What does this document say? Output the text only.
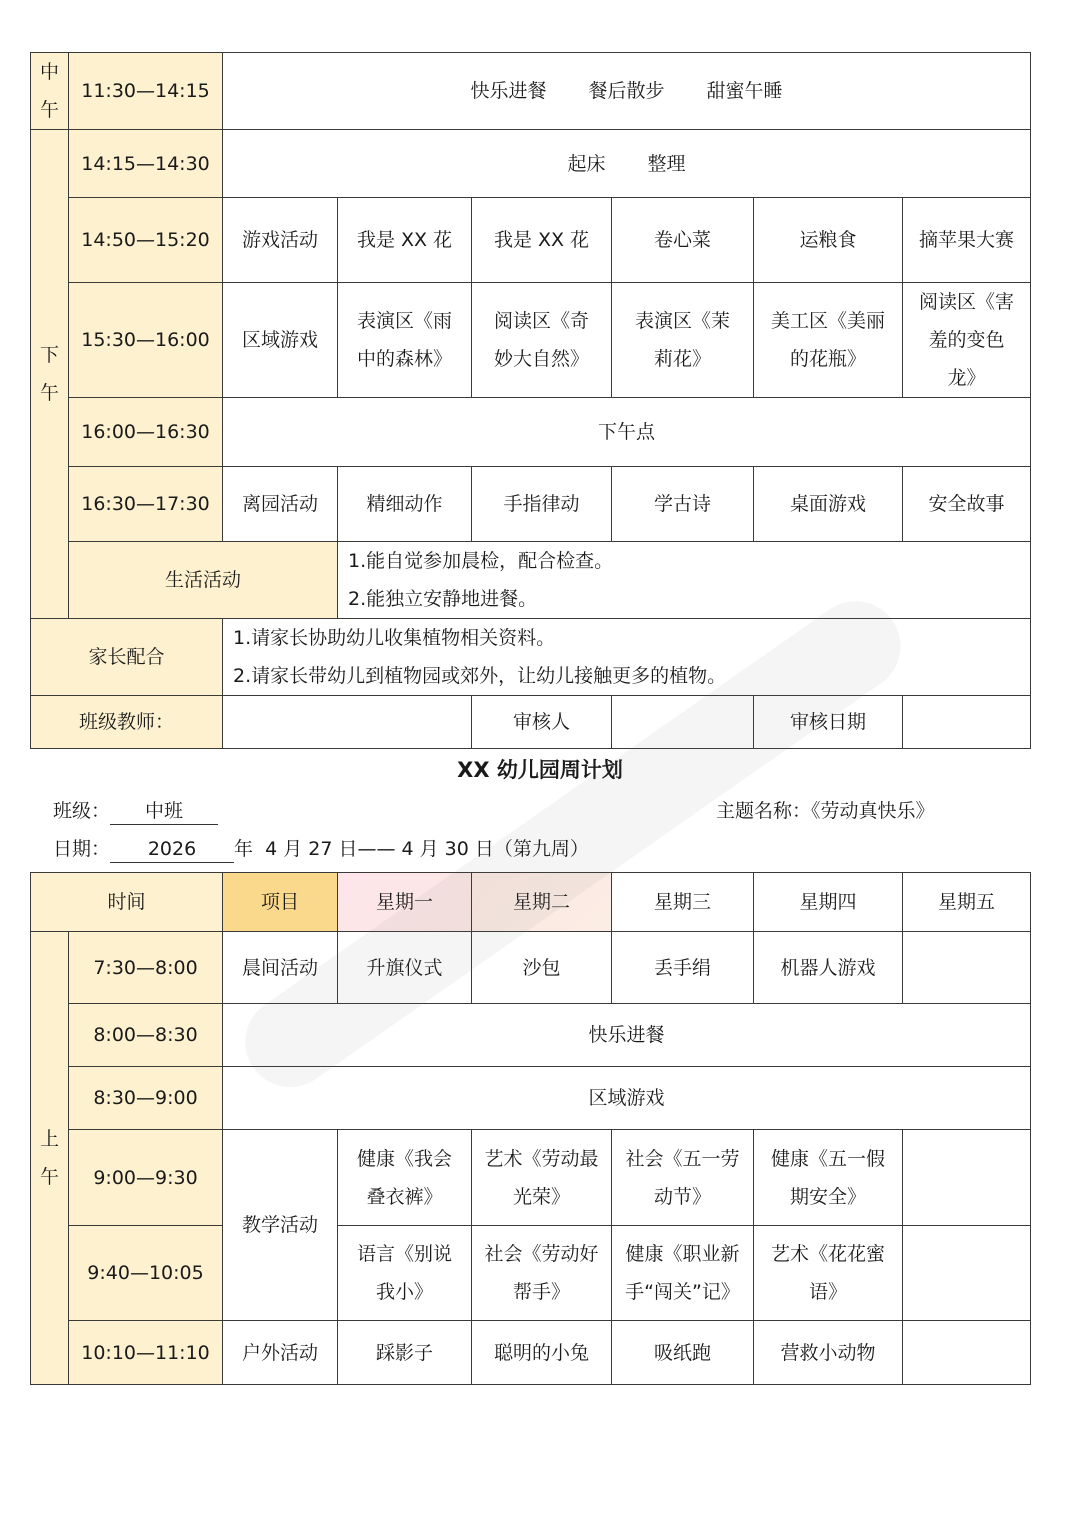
中午	11:30—14:15	快乐进餐 餐后散步 甜蜜午睡					
下午	14:15—14:30	起床 整理					
	14:50—15:20	游戏活动	我是 XX 花	我是 XX 花	卷心菜	运粮食	摘苹果大赛
	15:30—16:00	区域游戏	表演区《雨中的森林》	阅读区《奇妙大自然》	表演区《茉莉花》	美工区《美丽的花瓶》	阅读区《害羞的变色龙》
	16:00—16:30	下午点					
	16:30—17:30	离园活动	精细动作	手指律动	学古诗	桌面游戏	安全故事
	生活活动		1.能自觉参加晨检，配合检查。
2.能独立安静地进餐。				

家长配合		1.请家长协助幼儿收集植物相关资料。
2.请家长带幼儿到植物园或郊外，让幼儿接触更多的植物。					

班级教师：				审核人		审核日期	
XX 幼儿园周计划
班级： 中班	主题名称：《劳动真快乐》
日期： 2026 年  4 月 27 日—— 4 月 30 日（第九周）
时间		项目	星期一	星期二	星期三	星期四	星期五
上午	7:30—8:00	晨间活动	升旗仪式	沙包	丢手绢	机器人游戏	
	8:00—8:30	快乐进餐					
	8:30—9:00	区域游戏					
	9:00—9:30	教学活动	健康《我会叠衣裤》	艺术《劳动最光荣》	社会《五一劳动节》	健康《五一假期安全》	
	9:40—10:05		语言《别说我小》	社会《劳动好帮手》	健康《职业新手“闯关”记》	艺术《花花蜜语》	
	10:10—11:10	户外活动	踩影子	聪明的小兔	吸纸跑	营救小动物	
